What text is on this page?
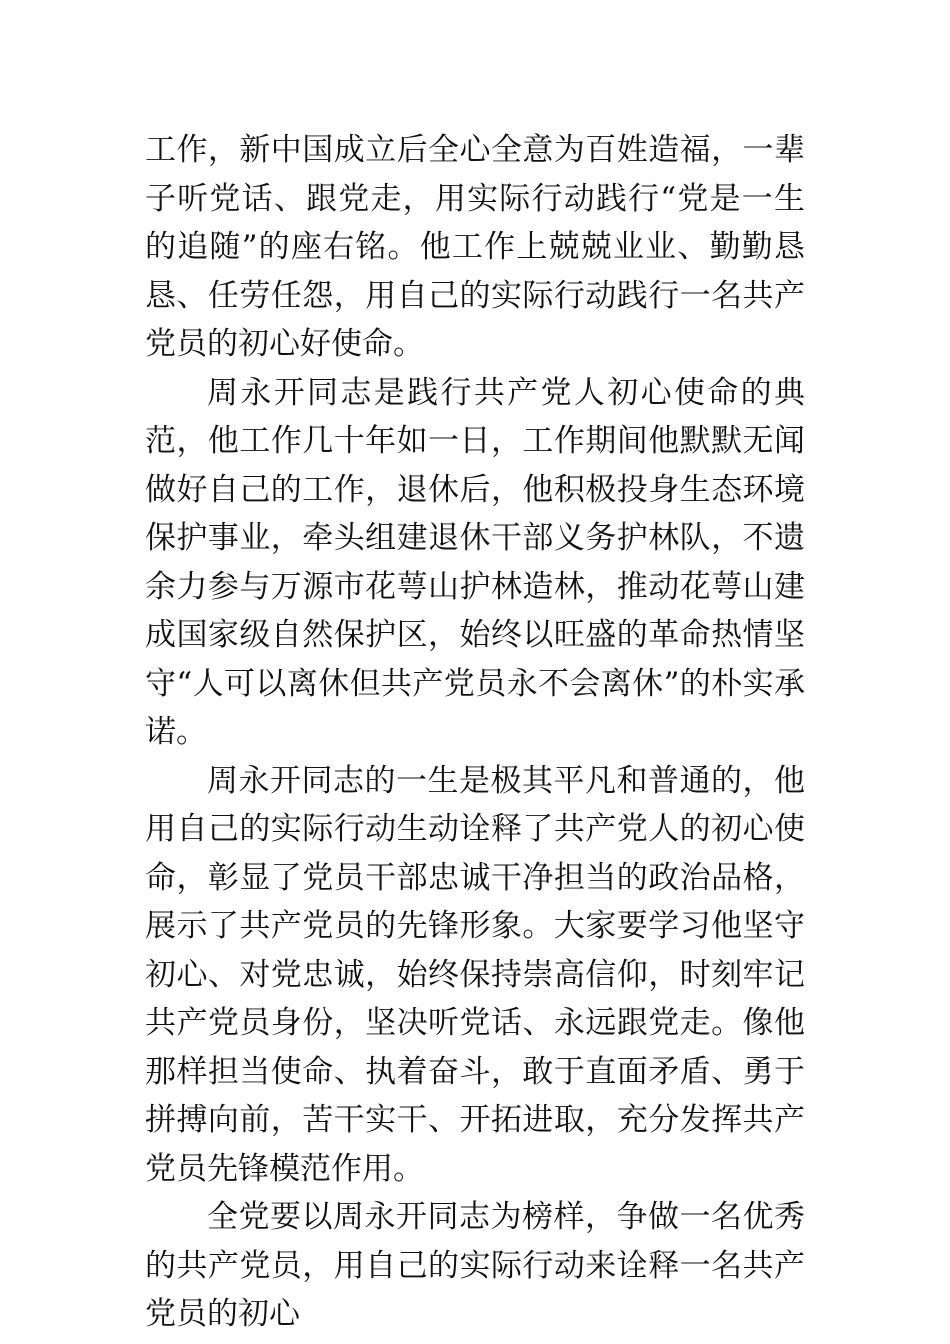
工作，新中国成立后全心全意为百姓造福，一辈子听党话、跟党走，用实际行动践行“党是一生的追随”的座右铭。他工作上兢兢业业、勤勤恳恳、任劳任怨，用自己的实际行动践行一名共产党员的初心好使命。

周永开同志是践行共产党人初心使命的典范，他工作几十年如一日，工作期间他默默无闻做好自己的工作，退休后，他积极投身生态环境保护事业，牵头组建退休干部义务护林队，不遗余力参与万源市花萼山护林造林，推动花萼山建成国家级自然保护区，始终以旺盛的革命热情坚守“人可以离休但共产党员永不会离休”的朴实承诺。

周永开同志的一生是极其平凡和普通的，他用自己的实际行动生动诠释了共产党人的初心使命，彰显了党员干部忠诚干净担当的政治品格，展示了共产党员的先锋形象。大家要学习他坚守初心、对党忠诚，始终保持崇高信仰，时刻牢记共产党员身份，坚决听党话、永远跟党走。像他那样担当使命、执着奋斗，敢于直面矛盾、勇于拼搏向前，苦干实干、开拓进取，充分发挥共产党员先锋模范作用。

全党要以周永开同志为榜样，争做一名优秀的共产党员，用自己的实际行动来诠释一名共产党员的初心
